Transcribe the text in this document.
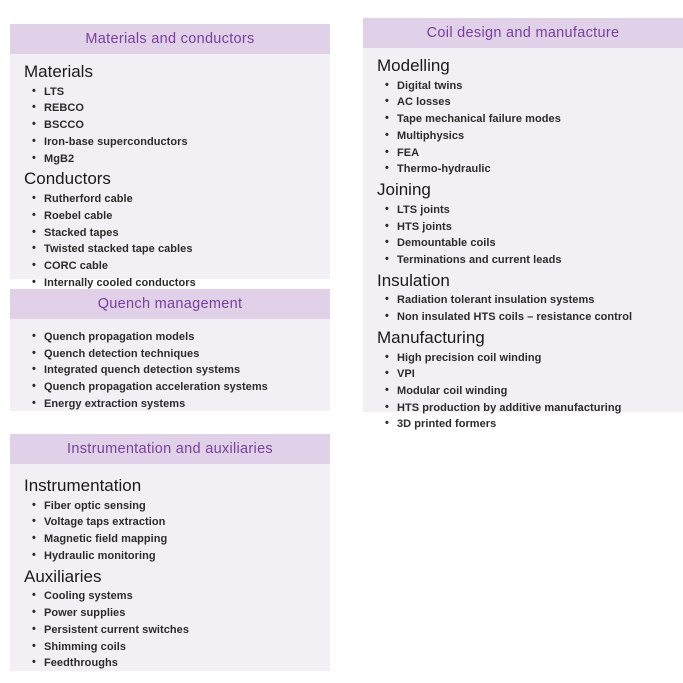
Materials and conductors
Materials
• LTS
• REBCO
• BSCCO
• Iron-base superconductors
• MgB2
Conductors
• Rutherford cable
• Roebel cable
• Stacked tapes
• Twisted stacked tape cables
• CORC cable
• Internally cooled conductors
Quench management
• Quench propagation models
• Quench detection techniques
• Integrated quench detection systems
• Quench propagation acceleration systems
• Energy extraction systems
Instrumentation and auxiliaries
Instrumentation
• Fiber optic sensing
• Voltage taps extraction
• Magnetic field mapping
• Hydraulic monitoring
Auxiliaries
• Cooling systems
• Power supplies
• Persistent current switches
• Shimming coils
• Feedthroughs
Coil design and manufacture
Modelling
• Digital twins
• AC losses
• Tape mechanical failure modes
• Multiphysics
• FEA
• Thermo-hydraulic
Joining
• LTS joints
• HTS joints
• Demountable coils
• Terminations and current leads
Insulation
• Radiation tolerant insulation systems
• Non insulated HTS coils – resistance control
Manufacturing
• High precision coil winding
• VPI
• Modular coil winding
• HTS production by additive manufacturing
• 3D printed formers
